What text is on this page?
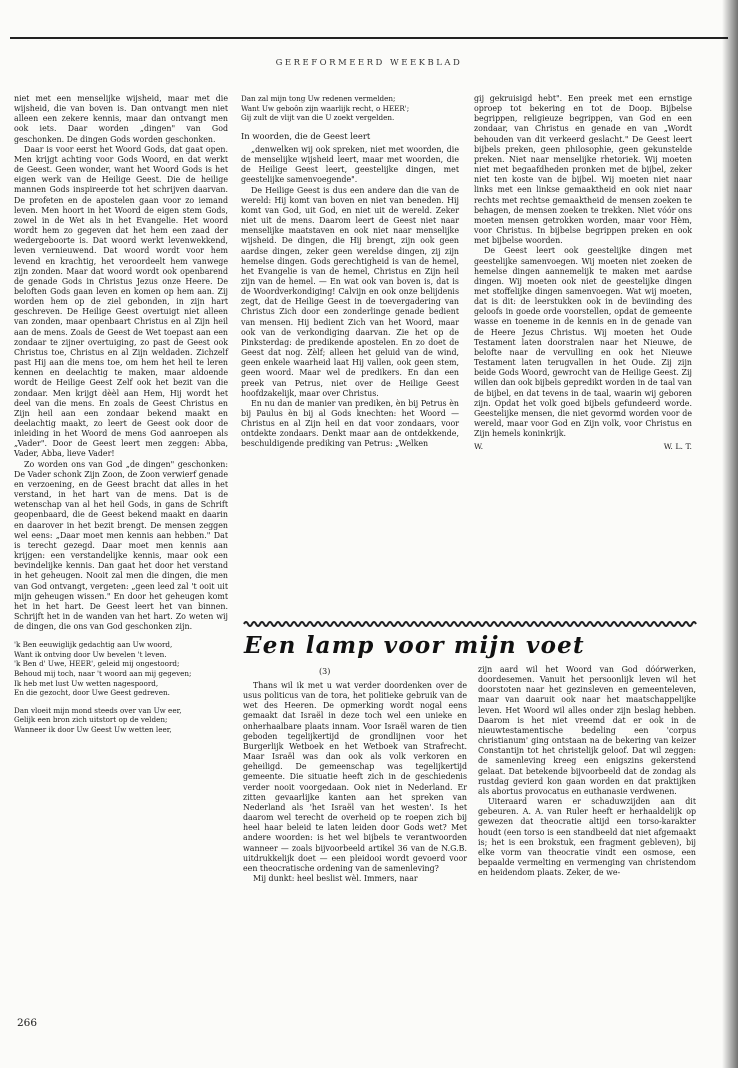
GEREFORMEERD WEEKBLAD

niet met een menselijke wijsheid, maar met die wijsheid, die van boven is. Dan ontvangt men niet alleen een zekere kennis, maar dan ontvangt men ook iets. Daar worden „dingen" van God geschonken. De dingen Gods worden geschonken.

Daar is voor eerst het Woord Gods, dat gaat open. Men krijgt achting voor Gods Woord, en dat werkt de Geest. Geen wonder, want het Woord Gods is het eigen werk van de Heilige Geest. Die de heilige mannen Gods inspireerde tot het schrijven daarvan. De profeten en de apostelen gaan voor zo iemand leven. Men hoort in het Woord de eigen stem Gods, zowel in de Wet als in het Evangelie. Het woord wordt hem zo gegeven dat het hem een zaad der wedergeboorte is. Dat woord werkt levenwekkend, leven vernieuwend. Dat woord wordt voor hem levend en krachtig, het veroordeelt hem vanwege zijn zonden. Maar dat woord wordt ook openbarend de genade Gods in Christus Jezus onze Heere. De beloften Gods gaan leven en komen op hem aan. Zij worden hem op de ziel gebonden, in zijn hart geschreven. De Heilige Geest overtuigt niet alleen van zonden, maar openbaart Christus en al Zijn heil aan de mens. Zoals de Geest de Wet toepast aan een zondaar te zijner overtuiging, zo past de Geest ook Christus toe, Christus en al Zijn weldaden. Zichzelf past Hij aan die mens toe, om hem het heil te leren kennen en deelachtig te maken, maar aldoende wordt de Heilige Geest Zelf ook het bezit van die zondaar. Men krijgt dèèl aan Hem, Hij wordt het deel van die mens. En zoals de Geest Christus en Zijn heil aan een zondaar bekend maakt en deelachtig maakt, zo leert de Geest ook door de inleiding in het Woord de mens God aanroepen als „Vader". Door de Geest leert men zeggen: Abba, Vader, Abba, lieve Vader!

Zo worden ons van God „de dingen" geschonken: De Vader schonk Zijn Zoon, de Zoon verwierf genade en verzoening, en de Geest bracht dat alles in het verstand, in het hart van de mens. Dat is de wetenschap van al het heil Gods, in gans de Schrift geopenbaard, die de Geest bekend maakt en daarin en daarover in het bezit brengt. De mensen zeggen wel eens: „Daar moet men kennis aan hebben." Dat is terecht gezegd. Daar moet men kennis aan krijgen: een verstandelijke kennis, maar ook een bevindelijke kennis. Dan gaat het door het verstand in het geheugen. Nooit zal men die dingen, die men van God ontvangt, vergeten: „geen leed zal 't ooit uit mijn geheugen wissen." En door het geheugen komt het in het hart. De Geest leert het van binnen. Schrijft het in de wanden van het hart. Zo weten wij de dingen, die ons van God geschonken zijn.

'k Ben eeuwiglijk gedachtig aan Uw woord,
Want ik ontving door Uw bevelen 't leven.
'k Ben d' Uwe, HEER', geleid mij ongestoord;
Behoud mij toch, naar 't woord aan mij gegeven;
Ik heb met lust Uw wetten nagespoord,
En die gezocht, door Uwe Geest gedreven.
Dan vloeit mijn mond steeds over van Uw eer,
Gelijk een bron zich uitstort op de velden;
Wanneer ik door Uw Geest Uw wetten leer,
Dan zal mijn tong Uw redenen vermelden;
Want Uw geboôn zijn waarlijk recht, o HEER';
Gij zult de vlijt van die U zoekt vergelden.
In woorden, die de Geest leert

„denwelken wij ook spreken, niet met woorden, die de menselijke wijsheid leert, maar met woorden, die de Heilige Geest leert, geestelijke dingen, met geestelijke samenvoegende".

De Heilige Geest is dus een andere dan die van de wereld: Hij komt van boven en niet van beneden. Hij komt van God, uit God, en niet uit de wereld. Zeker niet uit de mens. Daarom leert de Geest niet naar menselijke maatstaven en ook niet naar menselijke wijsheid. De dingen, die Hij brengt, zijn ook geen aardse dingen, zeker geen wereldse dingen, zij zijn hemelse dingen. Gods gerechtigheid is van de hemel, het Evangelie is van de hemel, Christus en Zijn heil zijn van de hemel. — En wat ook van boven is, dat is de Woordverkondiging! Calvijn en ook onze belijdenis zegt, dat de Heilige Geest in de toevergadering van Christus Zich door een zonderlinge genade bedient van mensen. Hij bedient Zich van het Woord, maar ook van de verkondiging daarvan. Zie het op de Pinksterdag: de predikende apostelen. En zo doet de Geest dat nog. Zèlf; alleen het geluid van de wind, geen enkele waarheid laat Hij vallen, ook geen stem, geen woord. Maar wel de predikers. En dan een preek van Petrus, niet over de Heilige Geest hoofdzakelijk, maar over Christus.

En nu dan de manier van prediken, èn bij Petrus èn bij Paulus èn bij al Gods knechten: het Woord — Christus en al Zijn heil en dat voor zondaars, voor ontdekte zondaars. Denkt maar aan de ontdekkende, beschuldigende prediking van Petrus: „Welken

gij gekruisigd hebt". Een preek met een ernstige oproep tot bekering en tot de Doop. Bijbelse begrippen, religieuze begrippen, van God en een zondaar, van Christus en genade en van „Wordt behouden van dit verkeerd geslacht." De Geest leert bijbels preken, geen philosophie, geen gekunstelde preken. Niet naar menselijke rhetoriek. Wij moeten niet met begaafdheden pronken met de bijbel, zeker niet ten koste van de bijbel. Wij moeten niet naar links met een linkse gemaaktheid en ook niet naar rechts met rechtse gemaaktheid de mensen zoeken te behagen, de mensen zoeken te trekken. Niet vóór ons moeten mensen getrokken worden, maar voor Hèm, voor Christus. In bijbelse begrippen preken en ook met bijbelse woorden.

De Geest leert ook geestelijke dingen met geestelijke samenvoegen. Wij moeten niet zoeken de hemelse dingen aannemelijk te maken met aardse dingen. Wij moeten ook niet de geestelijke dingen met stoffelijke dingen samenvoegen. Wat wij moeten, dat is dit: de leerstukken ook in de beviinding des geloofs in goede orde voorstellen, opdat de gemeente wasse en toeneme in de kennis en in de genade van de Heere Jezus Christus. Wij moeten het Oude Testament laten doorstralen naar het Nieuwe, de belofte naar de vervulling en ook het Nieuwe Testament laten terugvallen in het Oude. Zij zijn beide Gods Woord, gewrocht van de Heilige Geest. Zij willen dan ook bijbels gepredikt worden in de taal van de bijbel, en dat tevens in de taal, waarin wij geboren zijn. Opdat het volk goed bijbels gefundeerd worde. Geestelijke mensen, die niet gevormd worden voor de wereld, maar voor God en Zijn volk, voor Christus en Zijn hemels koninkrijk.

W.	W. L. T.
Een lamp voor mijn voet
(3)

Thans wil ik met u wat verder doordenken over de usus politicus van de tora, het politieke gebruik van de wet des Heeren. De opmerking wordt nogal eens gemaakt dat Israël in deze toch wel een unieke en onherhaalbare plaats innam. Voor Israël waren de tien geboden tegelijkertijd de grondlijnen voor het Burgerlijk Wetboek en het Wetboek van Strafrecht. Maar Israël was dan ook als volk verkoren en geheiligd. De gemeenschap was tegelijkertijd gemeente. Die situatie heeft zich in de geschiedenis verder nooit voorgedaan. Ook niet in Nederland. Er zitten gevaarlijke kanten aan het spreken van Nederland als 'het Israël van het westen'. Is het daarom wel terecht de overheid op te roepen zich bij heel haar beleid te laten leiden door Gods wet? Met andere woorden: is het wel bijbels te verantwoorden wanneer — zoals bijvoorbeeld artikel 36 van de N.G.B. uitdrukkelijk doet — een pleidooi wordt gevoerd voor een theocratische ordening van de samenleving?

Mij dunkt: heel beslist wèl. Immers, naar

zijn aard wil het Woord van God dóórwerken, doordesemen. Vanuit het persoonlijk leven wil het doorstoten naar het gezinsleven en gemeenteleven, maar van daaruit ook naar het maatschappelijke leven. Het Woord wil alles onder zijn beslag hebben. Daarom is het niet vreemd dat er ook in de nieuwtestamentische bedeling een 'corpus christianum' ging ontstaan na de bekering van keizer Constantijn tot het christelijk geloof. Dat wil zeggen: de samenleving kreeg een enigszins gekerstend gelaat. Dat betekende bijvoorbeeld dat de zondag als rustdag gevierd kon gaan worden en dat praktijken als abortus provocatus en euthanasie verdwenen.

Uiteraard waren er schaduwzijden aan dit gebeuren. A. A. van Ruler heeft er herhaaldelijk op gewezen dat theocratie altijd een torso-karakter houdt (een torso is een standbeeld dat niet afgemaakt is; het is een brokstuk, een fragment gebleven), bij elke vorm van theocratie vindt een osmose, een bepaalde vermelting en vermenging van christendom en heidendom plaats. Zeker, de we-

266
